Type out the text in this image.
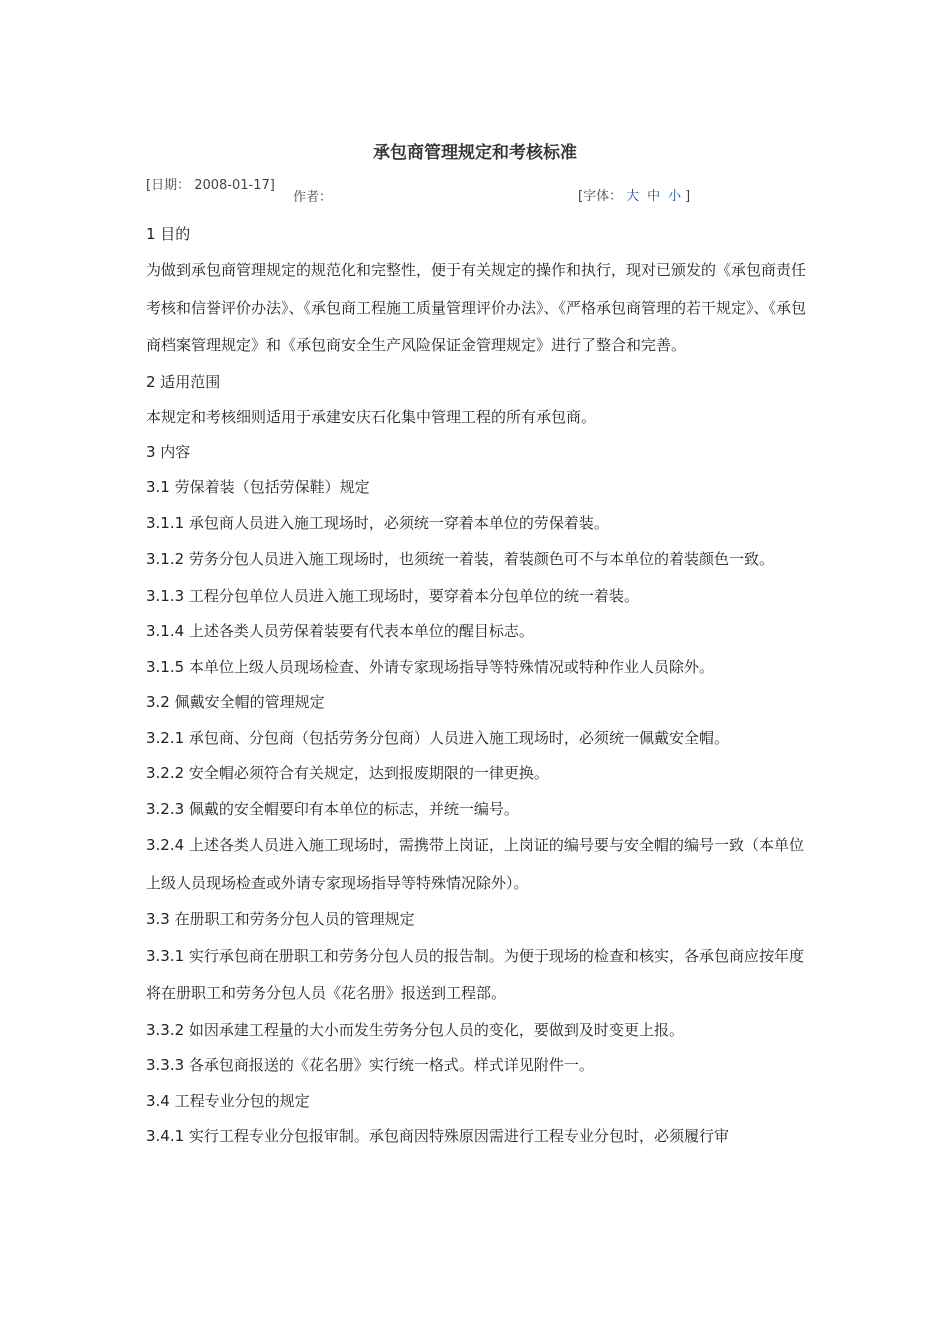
承包商管理规定和考核标准
[日期： 2008-01-17]
作者：	[字体： 大 中 小 ]

1 目的

为做到承包商管理规定的规范化和完整性，便于有关规定的操作和执行，现对已颁发的《承包商责任考核和信誉评价办法》、《承包商工程施工质量管理评价办法》、《严格承包商管理的若干规定》、《承包商档案管理规定》和《承包商安全生产风险保证金管理规定》进行了整合和完善。

2 适用范围

本规定和考核细则适用于承建安庆石化集中管理工程的所有承包商。

3 内容

3.1 劳保着装（包括劳保鞋）规定

3.1.1 承包商人员进入施工现场时，必须统一穿着本单位的劳保着装。

3.1.2 劳务分包人员进入施工现场时，也须统一着装，着装颜色可不与本单位的着装颜色一致。

3.1.3 工程分包单位人员进入施工现场时，要穿着本分包单位的统一着装。

3.1.4 上述各类人员劳保着装要有代表本单位的醒目标志。

3.1.5 本单位上级人员现场检查、外请专家现场指导等特殊情况或特种作业人员除外。

3.2 佩戴安全帽的管理规定

3.2.1 承包商、分包商（包括劳务分包商）人员进入施工现场时，必须统一佩戴安全帽。

3.2.2 安全帽必须符合有关规定，达到报废期限的一律更换。

3.2.3 佩戴的安全帽要印有本单位的标志，并统一编号。

3.2.4 上述各类人员进入施工现场时，需携带上岗证，上岗证的编号要与安全帽的编号一致（本单位上级人员现场检查或外请专家现场指导等特殊情况除外）。

3.3 在册职工和劳务分包人员的管理规定

3.3.1 实行承包商在册职工和劳务分包人员的报告制。为便于现场的检查和核实，各承包商应按年度将在册职工和劳务分包人员《花名册》报送到工程部。

3.3.2 如因承建工程量的大小而发生劳务分包人员的变化，要做到及时变更上报。

3.3.3 各承包商报送的《花名册》实行统一格式。样式详见附件一。

3.4 工程专业分包的规定

3.4.1 实行工程专业分包报审制。承包商因特殊原因需进行工程专业分包时，必须履行审
